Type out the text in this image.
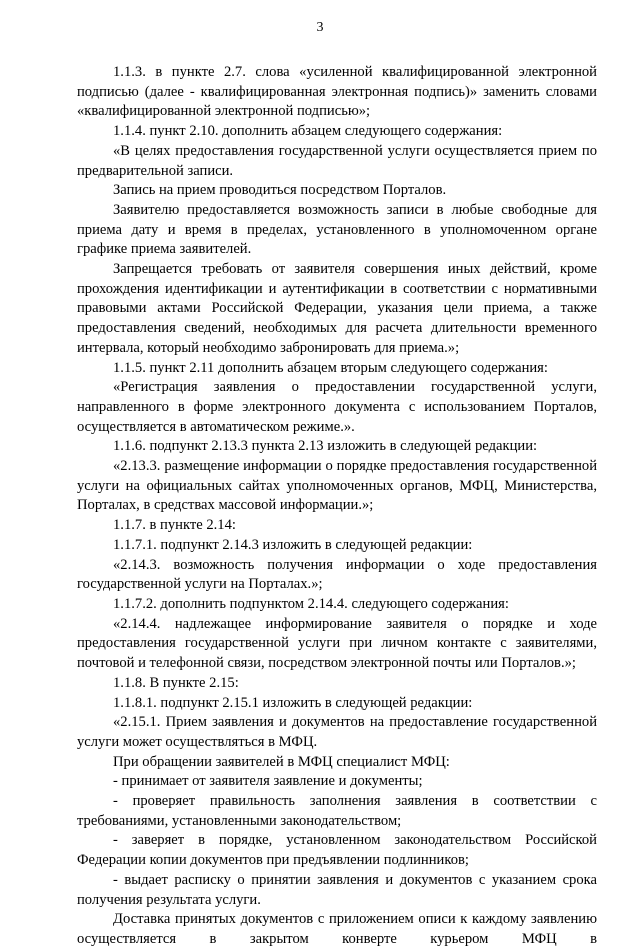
3

1.1.3. в пункте 2.7. слова «усиленной квалифицированной электронной подписью (далее - квалифицированная электронная подпись)» заменить словами «квалифицированной электронной подписью»;

1.1.4. пункт 2.10. дополнить абзацем следующего содержания:

«В целях предоставления государственной услуги осуществляется прием по предварительной записи.

Запись на прием проводиться посредством Порталов.

Заявителю предоставляется возможность записи в любые свободные для приема дату и время в пределах, установленного в уполномоченном органе графике приема заявителей.

Запрещается требовать от заявителя совершения иных действий, кроме прохождения идентификации и аутентификации в соответствии с нормативными правовыми актами Российской Федерации, указания цели приема, а также предоставления сведений, необходимых для расчета длительности временного интервала, который необходимо забронировать для приема.»;

1.1.5. пункт 2.11 дополнить абзацем вторым следующего содержания:

«Регистрация заявления о предоставлении государственной услуги, направленного в форме электронного документа с использованием Порталов, осуществляется в автоматическом режиме.».

1.1.6. подпункт 2.13.3 пункта 2.13 изложить в следующей редакции:

«2.13.3. размещение информации о порядке предоставления государственной услуги на официальных сайтах уполномоченных органов, МФЦ, Министерства, Порталах, в средствах массовой информации.»;

1.1.7. в пункте 2.14:

1.1.7.1. подпункт 2.14.3 изложить в следующей редакции:

«2.14.3. возможность получения информации о ходе предоставления государственной услуги на Порталах.»;

1.1.7.2. дополнить подпунктом 2.14.4. следующего содержания:

«2.14.4. надлежащее информирование заявителя о порядке и ходе предоставления государственной услуги при личном контакте с заявителями, почтовой и телефонной связи, посредством электронной почты или Порталов.»;

1.1.8. В пункте 2.15:

1.1.8.1. подпункт 2.15.1 изложить в следующей редакции:

«2.15.1. Прием заявления и документов на предоставление государственной услуги может осуществляться в МФЦ.

При обращении заявителей в МФЦ специалист МФЦ:

- принимает от заявителя заявление и документы;

- проверяет правильность заполнения заявления в соответствии с требованиями, установленными законодательством;

- заверяет в порядке, установленном законодательством Российской Федерации копии документов при предъявлении подлинников;

- выдает расписку о принятии заявления и документов с указанием срока получения результата услуги.

Доставка принятых документов с приложением описи к каждому заявлению осуществляется в закрытом конверте курьером МФЦ в
